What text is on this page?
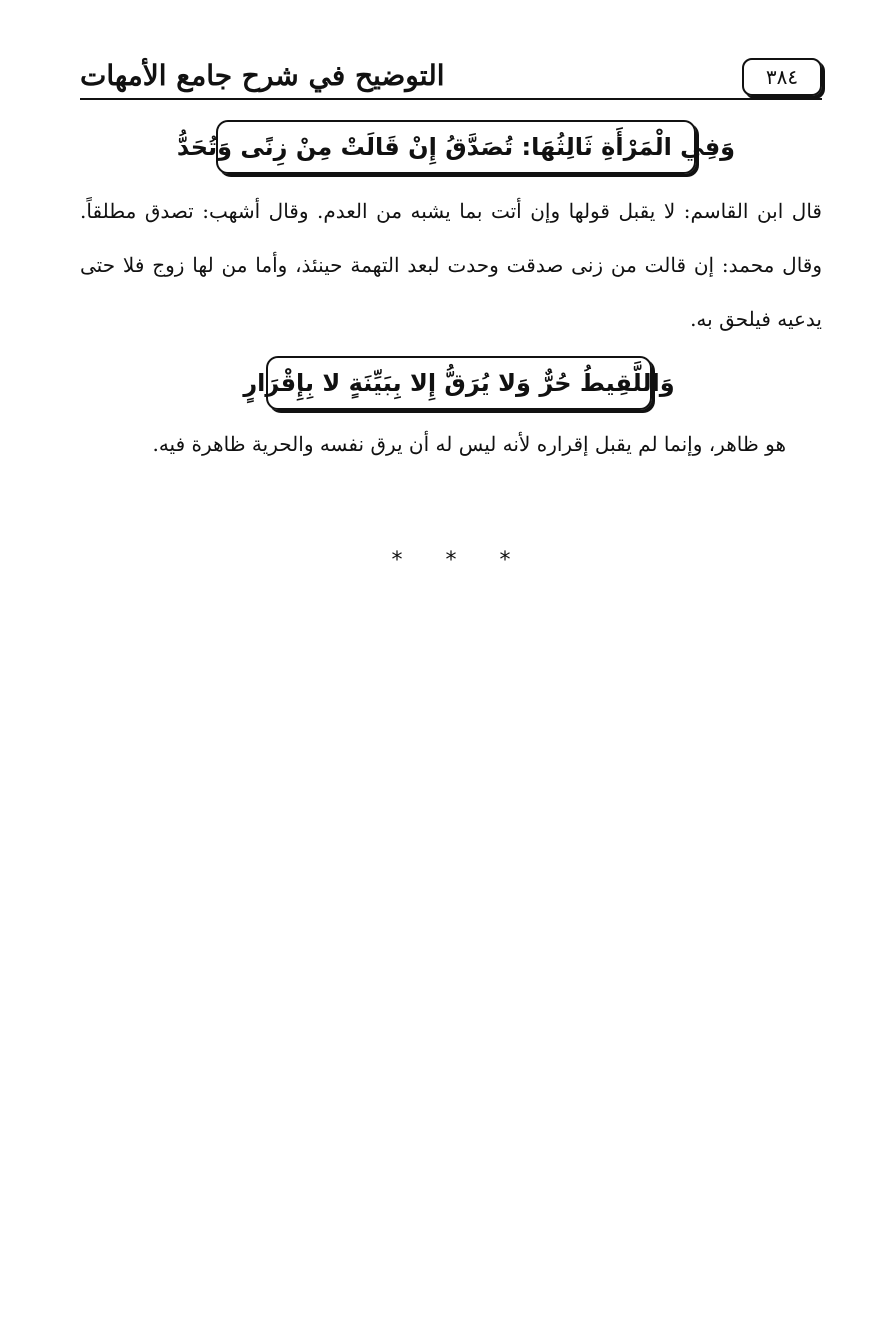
التوضيح في شرح جامع الأمهات	٣٨٤
وَفِي الْمَرْأَةِ ثَالِثُهَا: تُصَدَّقُ إِنْ قَالَتْ مِنْ زِنًى وَتُحَدُّ
قال ابن القاسم: لا يقبل قولها وإن أتت بما يشبه من العدم. وقال أشهب: تصدق مطلقاً. وقال محمد: إن قالت من زنى صدقت وحدت لبعد التهمة حينئذ، وأما من لها زوج فلا حتى يدعيه فيلحق به.
وَاللَّقِيطُ حُرٌّ وَلا يُرَقُّ إِلا بِبَيِّنَةٍ لا بِإِقْرَارٍ
هو ظاهر، وإنما لم يقبل إقراره لأنه ليس له أن يرق نفسه والحرية ظاهرة فيه.
* * *
